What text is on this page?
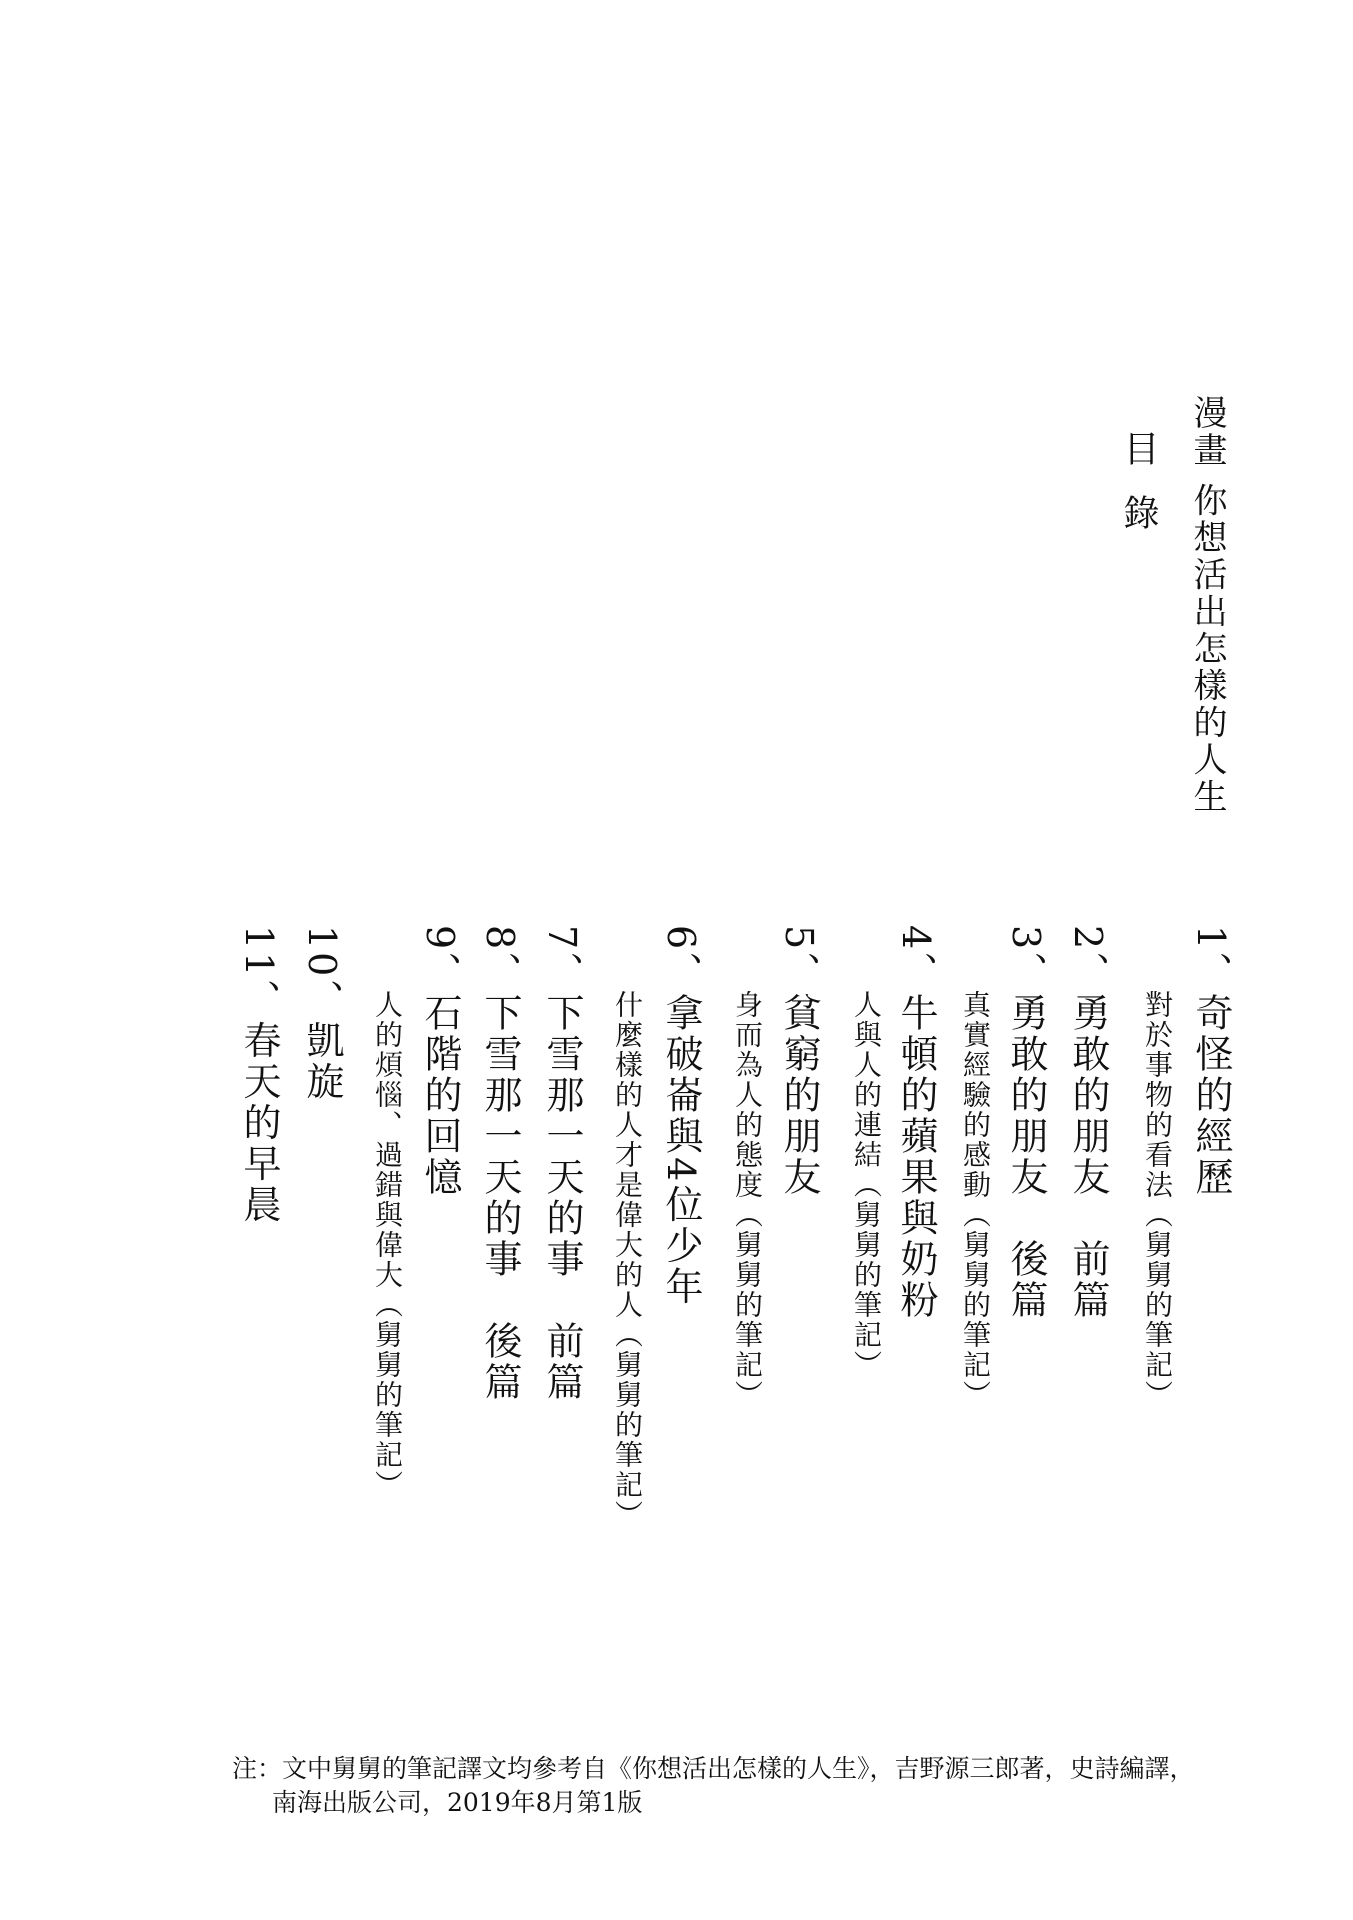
漫畫 你想活出怎樣的人生
目錄
1、奇怪的經歷
對於事物的看法（舅舅的筆記）
2、勇敢的朋友　前篇
3、勇敢的朋友　後篇
真實經驗的感動（舅舅的筆記）
4、牛頓的蘋果與奶粉
人與人的連結（舅舅的筆記）
5、貧窮的朋友
身而為人的態度（舅舅的筆記）
6、拿破崙與4位少年
什麼樣的人才是偉大的人（舅舅的筆記）
7、下雪那一天的事　前篇
8、下雪那一天的事　後篇
9、石階的回憶
人的煩惱、過錯與偉大（舅舅的筆記）
10、凱旋
11、春天的早晨
注：文中舅舅的筆記譯文均參考自《你想活出怎樣的人生》，吉野源三郎著，史詩編譯，
南海出版公司，2019年8月第1版
